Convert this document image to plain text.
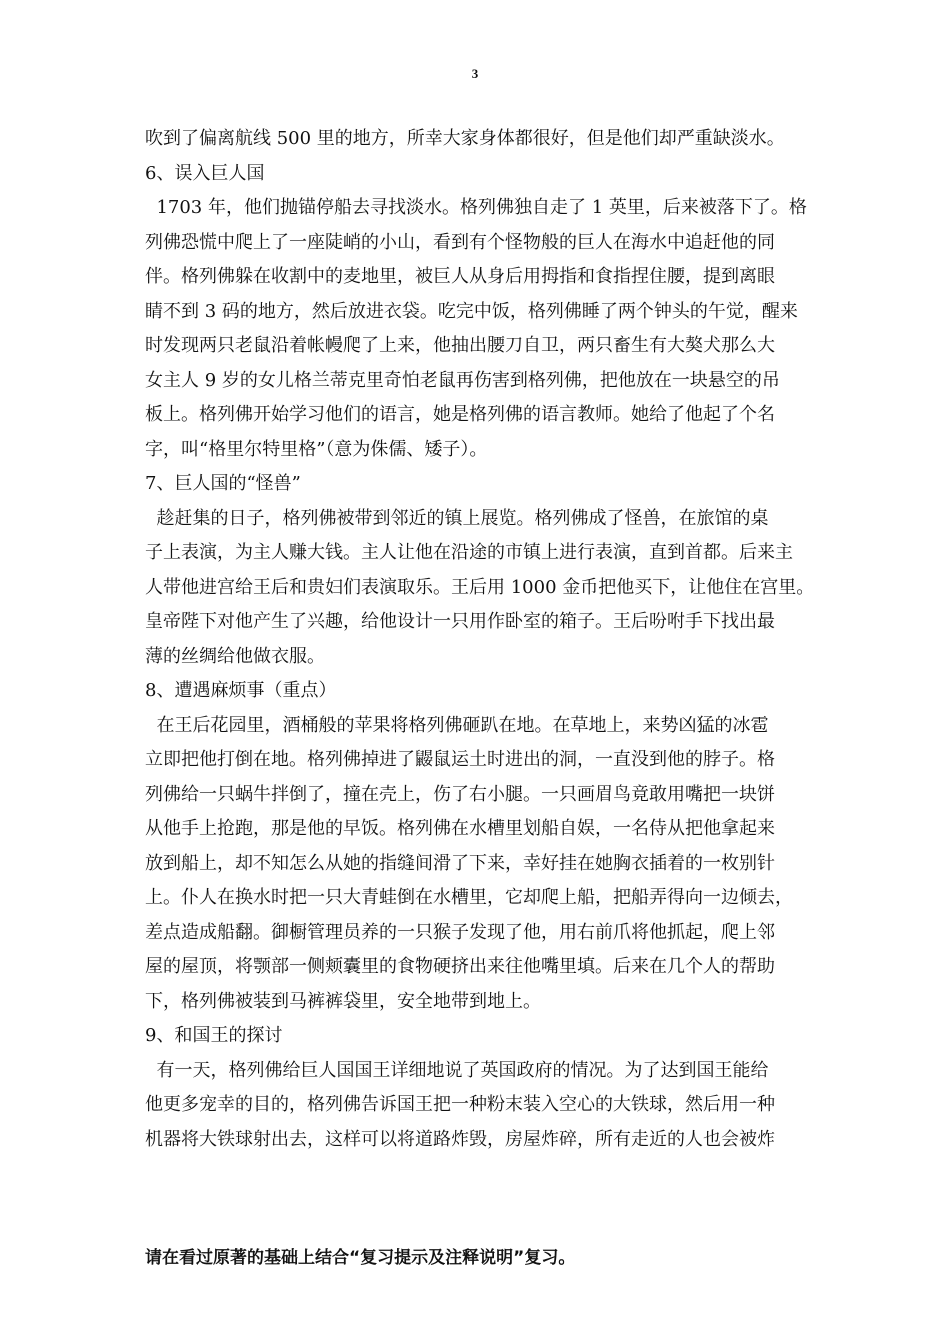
3
吹到了偏离航线 500 里的地方，所幸大家身体都很好，但是他们却严重缺淡水。
6、误入巨人国
1703 年，他们抛锚停船去寻找淡水。格列佛独自走了 1 英里，后来被落下了。格
列佛恐慌中爬上了一座陡峭的小山，看到有个怪物般的巨人在海水中追赶他的同
伴。格列佛躲在收割中的麦地里，被巨人从身后用拇指和食指捏住腰，提到离眼
睛不到 3 码的地方，然后放进衣袋。吃完中饭，格列佛睡了两个钟头的午觉，醒来
时发现两只老鼠沿着帐幔爬了上来，他抽出腰刀自卫，两只畜生有大獒犬那么大
女主人 9 岁的女儿格兰蒂克里奇怕老鼠再伤害到格列佛，把他放在一块悬空的吊
板上。格列佛开始学习他们的语言，她是格列佛的语言教师。她给了他起了个名
字，叫“格里尔特里格”（意为侏儒、矮子）。
7、巨人国的“怪兽”
趁赶集的日子，格列佛被带到邻近的镇上展览。格列佛成了怪兽，在旅馆的桌
子上表演，为主人赚大钱。主人让他在沿途的市镇上进行表演，直到首都。后来主
人带他进宫给王后和贵妇们表演取乐。王后用 1000 金币把他买下，让他住在宫里。
皇帝陛下对他产生了兴趣，给他设计一只用作卧室的箱子。王后吩咐手下找出最
薄的丝绸给他做衣服。
8、遭遇麻烦事（重点）
在王后花园里，酒桶般的苹果将格列佛砸趴在地。在草地上，来势凶猛的冰雹
立即把他打倒在地。格列佛掉进了鼹鼠运土时进出的洞，一直没到他的脖子。格
列佛给一只蜗牛拌倒了，撞在壳上，伤了右小腿。一只画眉鸟竟敢用嘴把一块饼
从他手上抢跑，那是他的早饭。格列佛在水槽里划船自娱，一名侍从把他拿起来
放到船上，却不知怎么从她的指缝间滑了下来，幸好挂在她胸衣插着的一枚别针
上。仆人在换水时把一只大青蛙倒在水槽里，它却爬上船，把船弄得向一边倾去，
差点造成船翻。御橱管理员养的一只猴子发现了他，用右前爪将他抓起，爬上邻
屋的屋顶，将颚部一侧颊囊里的食物硬挤出来往他嘴里填。后来在几个人的帮助
下，格列佛被装到马裤裤袋里，安全地带到地上。
9、和国王的探讨
有一天，格列佛给巨人国国王详细地说了英国政府的情况。为了达到国王能给
他更多宠幸的目的，格列佛告诉国王把一种粉末装入空心的大铁球，然后用一种
机器将大铁球射出去，这样可以将道路炸毁，房屋炸碎，所有走近的人也会被炸
请在看过原著的基础上结合“复习提示及注释说明”复习。
